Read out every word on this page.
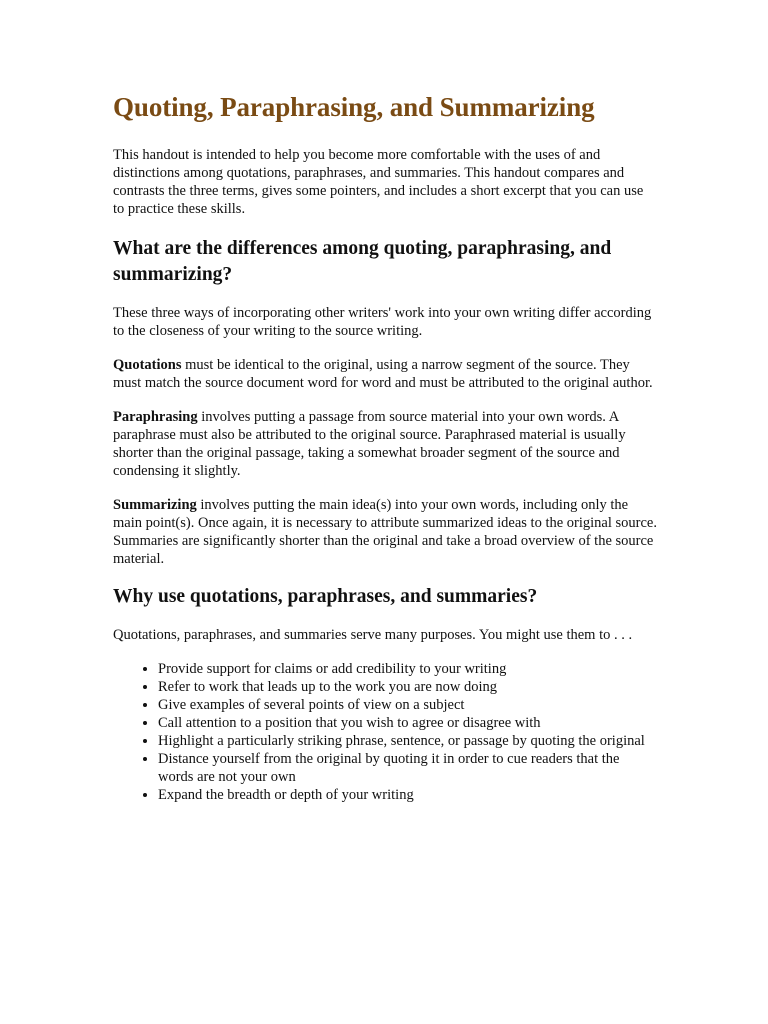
Quoting, Paraphrasing, and Summarizing

This handout is intended to help you become more comfortable with the uses of and distinctions among quotations, paraphrases, and summaries. This handout compares and contrasts the three terms, gives some pointers, and includes a short excerpt that you can use to practice these skills.

What are the differences among quoting, paraphrasing, and summarizing?

These three ways of incorporating other writers' work into your own writing differ according to the closeness of your writing to the source writing.

Quotations must be identical to the original, using a narrow segment of the source. They must match the source document word for word and must be attributed to the original author.

Paraphrasing involves putting a passage from source material into your own words. A paraphrase must also be attributed to the original source. Paraphrased material is usually shorter than the original passage, taking a somewhat broader segment of the source and condensing it slightly.

Summarizing involves putting the main idea(s) into your own words, including only the main point(s). Once again, it is necessary to attribute summarized ideas to the original source. Summaries are significantly shorter than the original and take a broad overview of the source material.

Why use quotations, paraphrases, and summaries?

Quotations, paraphrases, and summaries serve many purposes. You might use them to . . .

• Provide support for claims or add credibility to your writing
• Refer to work that leads up to the work you are now doing
• Give examples of several points of view on a subject
• Call attention to a position that you wish to agree or disagree with
• Highlight a particularly striking phrase, sentence, or passage by quoting the original
• Distance yourself from the original by quoting it in order to cue readers that the words are not your own
• Expand the breadth or depth of your writing
